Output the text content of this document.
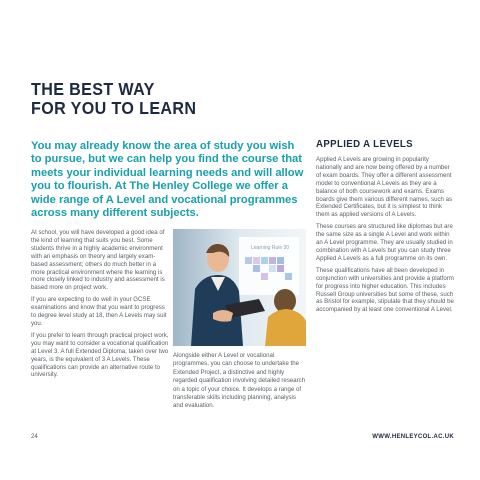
THE BEST WAY
FOR YOU TO LEARN

You may already know the area of study you wish to pursue, but we can help you find the course that meets your individual learning needs and will allow you to flourish. At The Henley College we offer a wide range of A Level and vocational programmes across many different subjects.

At school, you will have developed a good idea of the kind of learning that suits you best. Some students thrive in a highly academic environment with an emphasis on theory and largely exam-based assessment; others do much better in a more practical environment where the learning is more closely linked to industry and assessment is based more on project work.

If you are expecting to do well in your GCSE examinations and know that you want to progress to degree level study at 18, then A Levels may suit you.

If you prefer to learn through practical project work, you may want to consider a vocational qualification at Level 3. A full Extended Diploma, taken over two years, is the equivalent of 3 A Levels. These qualifications can provide an alternative route to university.

Learning Rule 30

Alongside either A Level or vocational programmes, you can choose to undertake the Extended Project, a distinctive and highly regarded qualification involving detailed research on a topic of your choice. It develops a range of transferable skills including planning, analysis and evaluation.

APPLIED A LEVELS

Applied A Levels are growing in popularity nationally and are now being offered by a number of exam boards. They offer a different assessment model to conventional A Levels as they are a balance of both coursework and exams. Exams boards give them various different names, such as Extended Certificates, but it is simplest to think them as applied versions of A Levels.

These courses are structured like diplomas but are the same size as a single A Level and work within an A Level programme. They are usually studied in combination with A Levels but you can study three Applied A Levels as a full programme on its own.

These qualifications have all been developed in conjunction with universities and provide a platform for progress into higher education. This includes Russell Group universities but some of these, such as Bristol for example, stipulate that they should be accompanied by at least one conventional A Level.

24	WWW.HENLEYCOL.AC.UK
